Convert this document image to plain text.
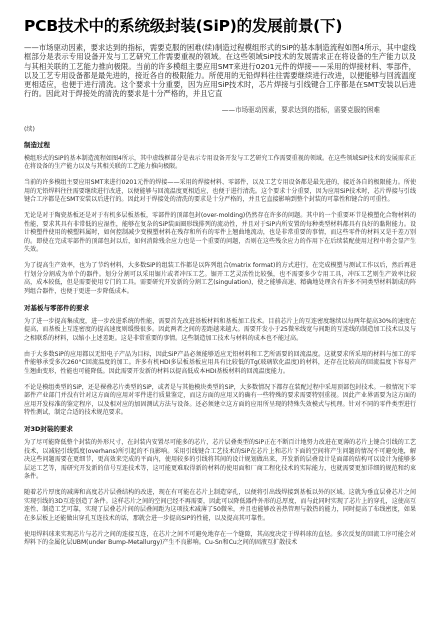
PCB技术中的系统级封装(SiP)的发展前景(下)

——市场驱动因素，要求达到的指标，需要克服的困难(续)制造过程模组形式的SiP的基本制造流程如图4所示，其中虚线框部分是表示专用设备开发与工艺研究工作需要重视的领域。在这些领域SiP技术的发展需求正在将设备的生产能力以及与其相关联的工艺能力推向极限。当前的许多模组主要应用SMT来进行0201元件的焊接——采用的焊接材料、零部件，以及工艺专用设备都是最先进的，接近各自的极限能力。所使用的无铅焊料往往需要继续进行改进，以便能够与回流温度更相适应，也便于进行清洗。这个要求十分重要，因为应用SiP技术时，芯片焊接与引线键合工序都是在SMT安装以后进行的。因此对于焊接处的清洗的要求是十分严格的，并且它直

——市场驱动因素，要求达到的指标，需要克服的困难
(续)
制造过程

模组形式的SiP的基本制造流程如图4所示，其中虚线框部分是表示专用设备开发与工艺研究工作需要重视的领域。在这些领域SiP技术的发展需求正在将设备的生产能力以及与其相关联的工艺能力推向极限。

当前的许多模组主要应用SMT来进行0201元件的焊接——采用的焊接材料、零部件，以及工艺专用设备都是最先进的，接近各自的极限能力。所使用的无铅焊料往往需要继续进行改进，以便能够与回流温度更相适应，也便于进行清洗。这个要求十分重要，因为应用SiP技术时，芯片焊接与引线键合工序都是在SMT安装以后进行的。因此对于焊接处的清洗的要求是十分严格的，并且它直接影响到整个封装的可靠性和键合的可重性。

无论是对于陶瓷基板还是对于有机多层板基板，零部件的顶部包封(over-molding)仍然存在许多的问题。其中的一个重要环节是模塑化合物材料的性能，要求其具有非常低的应湿性，能够在复杂的SiP装面圈形线排列的流动性，并且对于SiP内所安置的每种类型材料都具有良好的黏附能力。设计模塑件使用的模塑料属时，如何控制减少变模塑材料在残存和所有的零件上翘曲地流动，也是非常重要的事情，而这些零件的材料又是千差万别的。即使在完成零部件的顶部包封以后，如何消除残余应力也是一个重要的问题，否则在这些残余应力的作用下在后续装配使用过程中将会显产生失效。

为了提高生产效率，也为了节约材料，大多数SiP的组装工作都是以阵列组合(matrix format)的方式进行，在完成模塑与测试工作以后，然后再进行划分分割成为单个的器件。划分分割可以采用锯片或者冲压工艺。锯开工艺灵活性比较强，也不需要多少专用工具，冲压工艺则生产效率比较高，成本较低，但是需要使用专门的工具。需要研究开发新的分割工艺(singulation)，使之能够高速、精确地处理含有许多不同类型材料制成的阵列组合器件，也便于更进一步降低成本。

对基板与零部件的要求

为了进一步提高集成度，进一步改进系统的性能，需要首先改进基板材料和基板加工技术。目前芯片上的互连密度继续以每两年提高30%的速度在提高，而基板上互连密度的提高速度则缓慢很多。因此两者之间的差距越来越大。需要开发小于25微米线宽与间距的互连线的制造加工技术以及与之相联系的材料，以缩小上述差距。这是非常重要的事情。这些制造加工技术与材料的成本也不能过高。

由于大多数SiP的应用都以无铅电子产品为目标，因此SiP产品必须能够适应无铅材料和工艺所需要的回流温度。这就要求所采用的材料与加工的零件能够承受多次260°C回流温度的加工。许多有机HDI多层板基板应用具有比较低的Tg(玻璃软化温度)的材料，还存在比较高的回流温度下容易产生翘曲变形，性能也可能降低。因此需要开发新的材料以提高低成本HDI基板材料的回流温度能力。

不论是模组类型的SiP，还是裸叠芯片类型的SiP，或者是与其他模块类型的SiP，大多数情况下都存在装配过程中采用顶部包封技术。一般情况下零部件产业部门并没有针对这方面的应用对零件进行质量鉴定，而这方面的应用又的确有一些特殊的要求需要特别重视。因此产业界需要为这方面的应用开发标准的鉴定程序，以及相对应的加固测试方法与设备。还必须建立这方面的应用所呈现的特殊失效模式与机理。针对不同的零件类型进行特性测试，制定合适的技术规范要求。

对3D封装的要求

为了尽可能降低整个封装的外形尺寸，在封装内安置尽可能多的芯片，芯片层叠类型的SiP正在不断百计地努力改进在更薄的芯片上键合引线的工艺技术，以减轻引线弧度(overhans)所引起的不良影响。采用引线键合工艺技术的SiP在芯片上和芯片下面的空间将产生问题的情况不可避免地，解决这些问题需要在更细节，更高效来完成的平面内，使用较多的引线将其间的设计规划做出来，开发新的层叠设计是面部的结构可以设计为能够多层运工艺等，需研究开发新的信号互连技术等，这可能更难取得新的材料的使用面和厂商工程化技术的实际能力，也就需要更加详细的规范和约束条件。

随着芯片厚度的减薄和高度芯片层叠结构的改进，现在有可能在芯片上制造穿孔，以便将引出线焊接到基板以外的区域。这就为垂直层叠芯片之间实现引线的3D互连创造了条件。这样芯片之间的空间已经不再需要，因此可以降低器件外形的总厚度，而与此同时实现了芯片上的穿孔，这使高互连性、制造工艺可靠，实现了层叠芯片间的层叠间距为这项技术减薄了50微米，并且也能够改善热管理与散热的能力，同时提高了布线密度，如果在多层板上还能做出穿孔互连技术的话，那就会进一步提高SiP的性能，以及提高其可靠性。

使用焊料球来实现芯片与芯片之间的连接互连，在芯片之间不可避免地存在一个缝隙，其高度决定于焊料球的直径。多次反复的回流工序可能会对焊料下的金属化层UBM(under Bump-Metallurgy)产生不良影响。Cu-Sn和Cu之间的固液互扩散技术
